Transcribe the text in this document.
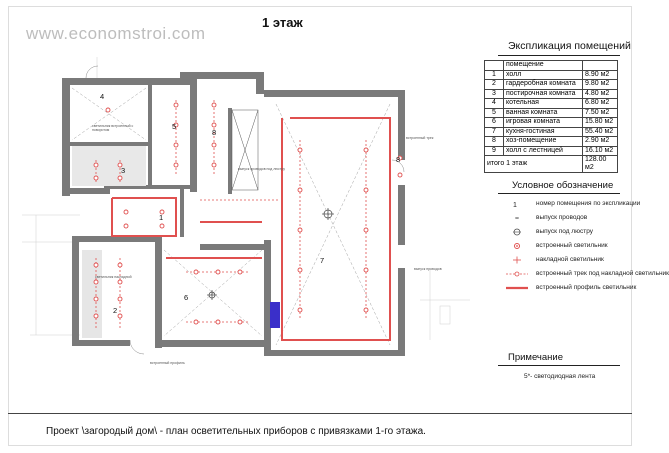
www.economstroi.com
1 этаж
1
2
3
4
5
6
7
8
8
светильник встроенный с поворотом
выпуск проводов под люстру
встроенный трек
светильник накладной
встроенный профиль
выпуск проводов
Экспликация помещений
	помещение	
1	холл	8.90 м2
2	гардеробная комната	9.80 м2
3	постирочная комната	4.80 м2
4	котельная	6.80 м2
5	ванная комната	7.50 м2
6	игровая комната	15.80 м2
7	кухня-гостиная	55.40 м2
8	хоз-помещение	2.90 м2
9	холл с лестницей	16.10 м2
итого 1 этаж		128.00 м2
Условное обозначение
1	номер помещения по экспликации
выпуск проводов
выпуск под люстру
встроенный светильник
накладной светильник
встроенный трек под накладной светильник
встроенный профиль светильник
Примечание
5*- светодиодная лента
Проект \загородый дом\ - план осветительных приборов с привязками 1-го этажа.
